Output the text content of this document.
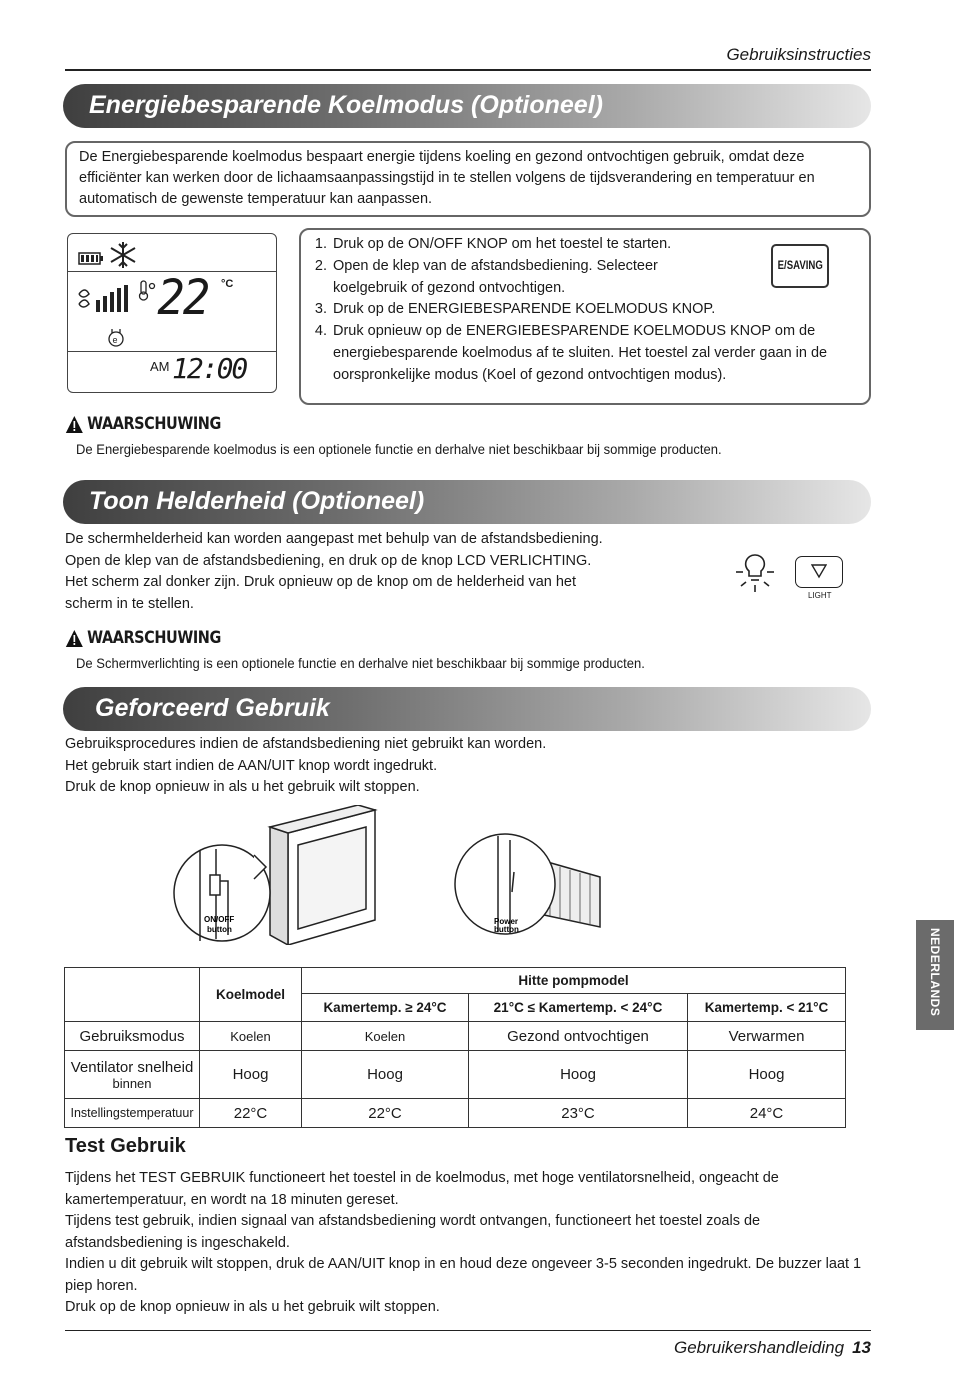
Gebruiksinstructies
Energiebesparende Koelmodus (Optioneel)
De Energiebesparende koelmodus bespaart energie tijdens koeling en gezond ontvochtigen gebruik, omdat deze efficiënter kan werken door de lichaamsaanpassingstijd in te stellen volgens de tijdsverandering en temperatuur en automatisch de gewenste temperatuur kan aanpassen.
22 °C
e
AM 12:00
1. Druk op de ON/OFF KNOP om het toestel te starten.
2. Open de klep van de afstandsbediening. Selecteer koelgebruik of gezond ontvochtigen.
3. Druk op de ENERGIEBESPARENDE KOELMODUS KNOP.
4. Druk opnieuw op de ENERGIEBESPARENDE KOELMODUS KNOP om de energiebesparende koelmodus af te sluiten. Het toestel zal verder gaan in de oorspronkelijke modus (Koel of gezond ontvochtigen modus).
E/SAVING
WAARSCHUWING
De Energiebesparende koelmodus is een optionele functie en derhalve niet beschikbaar bij sommige producten.
Toon Helderheid (Optioneel)
De schermhelderheid kan worden aangepast met behulp van de afstandsbediening.
Open de klep van de afstandsbediening, en druk op de knop LCD VERLICHTING.
Het scherm zal donker zijn. Druk opnieuw op de knop om de helderheid van het
scherm in te stellen.	LIGHT
WAARSCHUWING
De Schermverlichting is een optionele functie en derhalve niet beschikbaar bij sommige producten.
Geforceerd Gebruik
Gebruiksprocedures indien de afstandsbediening niet gebruikt kan worden.
Het gebruik start indien de AAN/UIT knop wordt ingedrukt.
Druk de knop opnieuw in als u het gebruik wilt stoppen.
ON/OFF
button
Power
button
	Koelmodel	Hitte pompmodel		
		Kamertemp. ≥ 24°C	21°C ≤ Kamertemp. < 24°C	Kamertemp. < 21°C
Gebruiksmodus	Koelen	Koelen	Gezond ontvochtigen	Verwarmen

Ventilator snelheid
binnen	Hoog	Hoog	Hoog	Hoog
Instellingstemperatuur	22°C	22°C	23°C	24°C
Test Gebruik
Tijdens het TEST GEBRUIK functioneert het toestel in de koelmodus, met hoge ventilatorsnelheid, ongeacht de kamertemperatuur, en wordt na 18 minuten gereset.
Tijdens test gebruik, indien signaal van afstandsbediening wordt ontvangen, functioneert het toestel zoals de afstandsbediening is ingeschakeld.
Indien u dit gebruik wilt stoppen, druk de AAN/UIT knop in en houd deze ongeveer 3-5 seconden ingedrukt. De buzzer laat 1 piep horen.
Druk op de knop opnieuw in als u het gebruik wilt stoppen.
NEDERLANDS
Gebruikershandleiding 13
